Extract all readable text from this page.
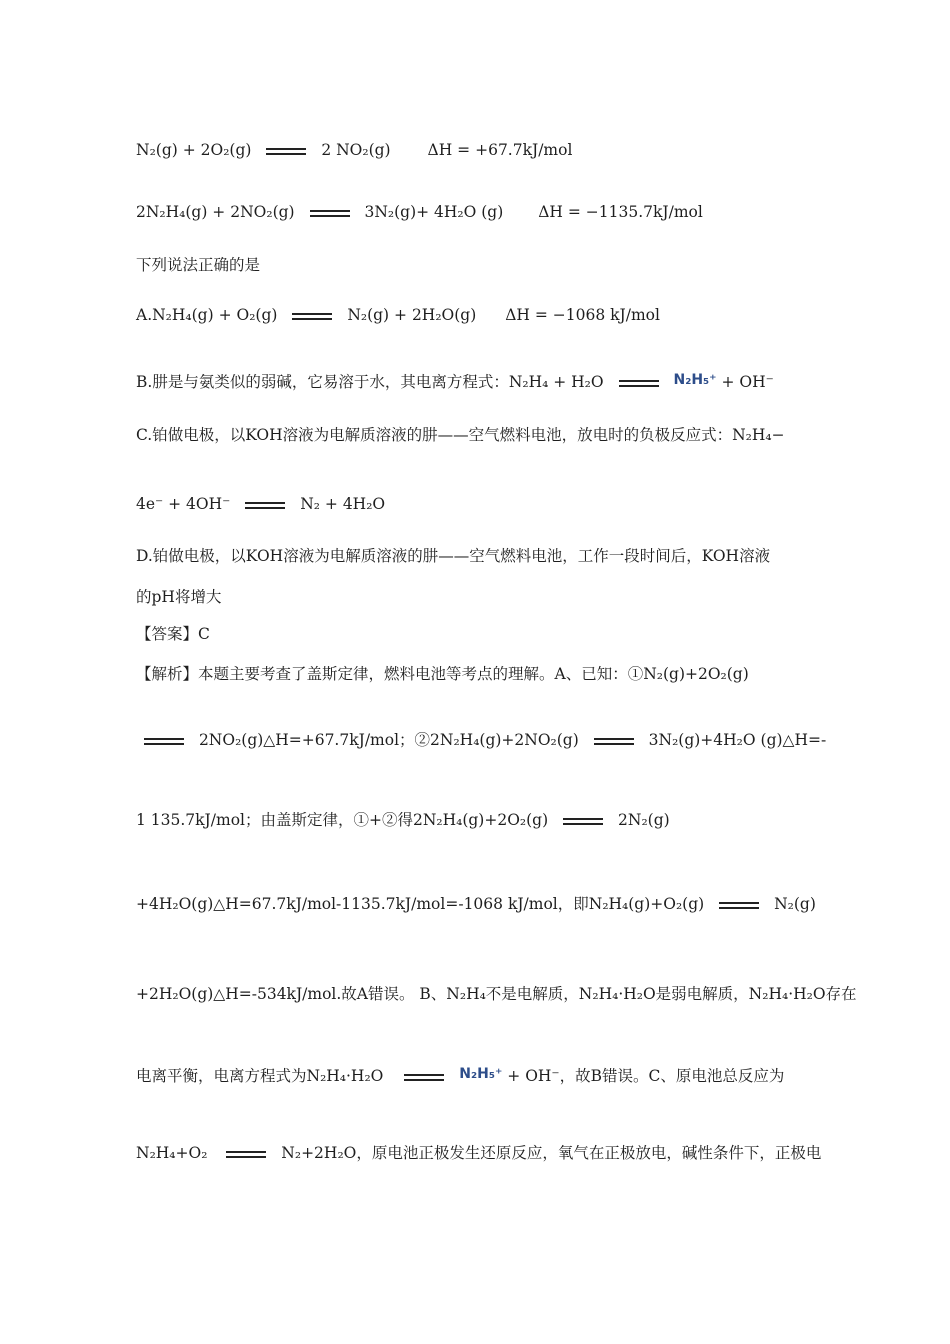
N₂(g) + 2O₂(g)	2 NO₂(g) ΔH = +67.7kJ/mol
2N₂H₄(g) + 2NO₂(g)	3N₂(g)+ 4H₂O (g) ΔH = −1135.7kJ/mol
下列说法正确的是
A.N₂H₄(g) + O₂(g)	N₂(g) + 2H₂O(g) ΔH = −1068 kJ/mol
B.肼是与氨类似的弱碱，它易溶于水，其电离方程式：N₂H₄ + H₂O	N₂H₅⁺ + OH⁻
C.铂做电极，以KOH溶液为电解质溶液的肼——空气燃料电池，放电时的负极反应式：N₂H₄−
4e⁻ + 4OH⁻	N₂ + 4H₂O
D.铂做电极，以KOH溶液为电解质溶液的肼——空气燃料电池，工作一段时间后，KOH溶液
的pH将增大
【答案】C
【解析】本题主要考查了盖斯定律，燃料电池等考点的理解。A、已知：①N₂(g)+2O₂(g)
2NO₂(g)△H=+67.7kJ/mol；②2N₂H₄(g)+2NO₂(g)	3N₂(g)+4H₂O (g)△H=-
1 135.7kJ/mol；由盖斯定律，①+②得2N₂H₄(g)+2O₂(g)	2N₂(g)
+4H₂O(g)△H=67.7kJ/mol-1135.7kJ/mol=-1068 kJ/mol，即N₂H₄(g)+O₂(g)	N₂(g)
+2H₂O(g)△H=-534kJ/mol.故A错误。 B、N₂H₄不是电解质，N₂H₄·H₂O是弱电解质，N₂H₄·H₂O存在
电离平衡，电离方程式为N₂H₄·H₂O	N₂H₅⁺ + OH⁻，故B错误。C、原电池总反应为
N₂H₄+O₂	N₂+2H₂O，原电池正极发生还原反应，氧气在正极放电，碱性条件下，正极电
